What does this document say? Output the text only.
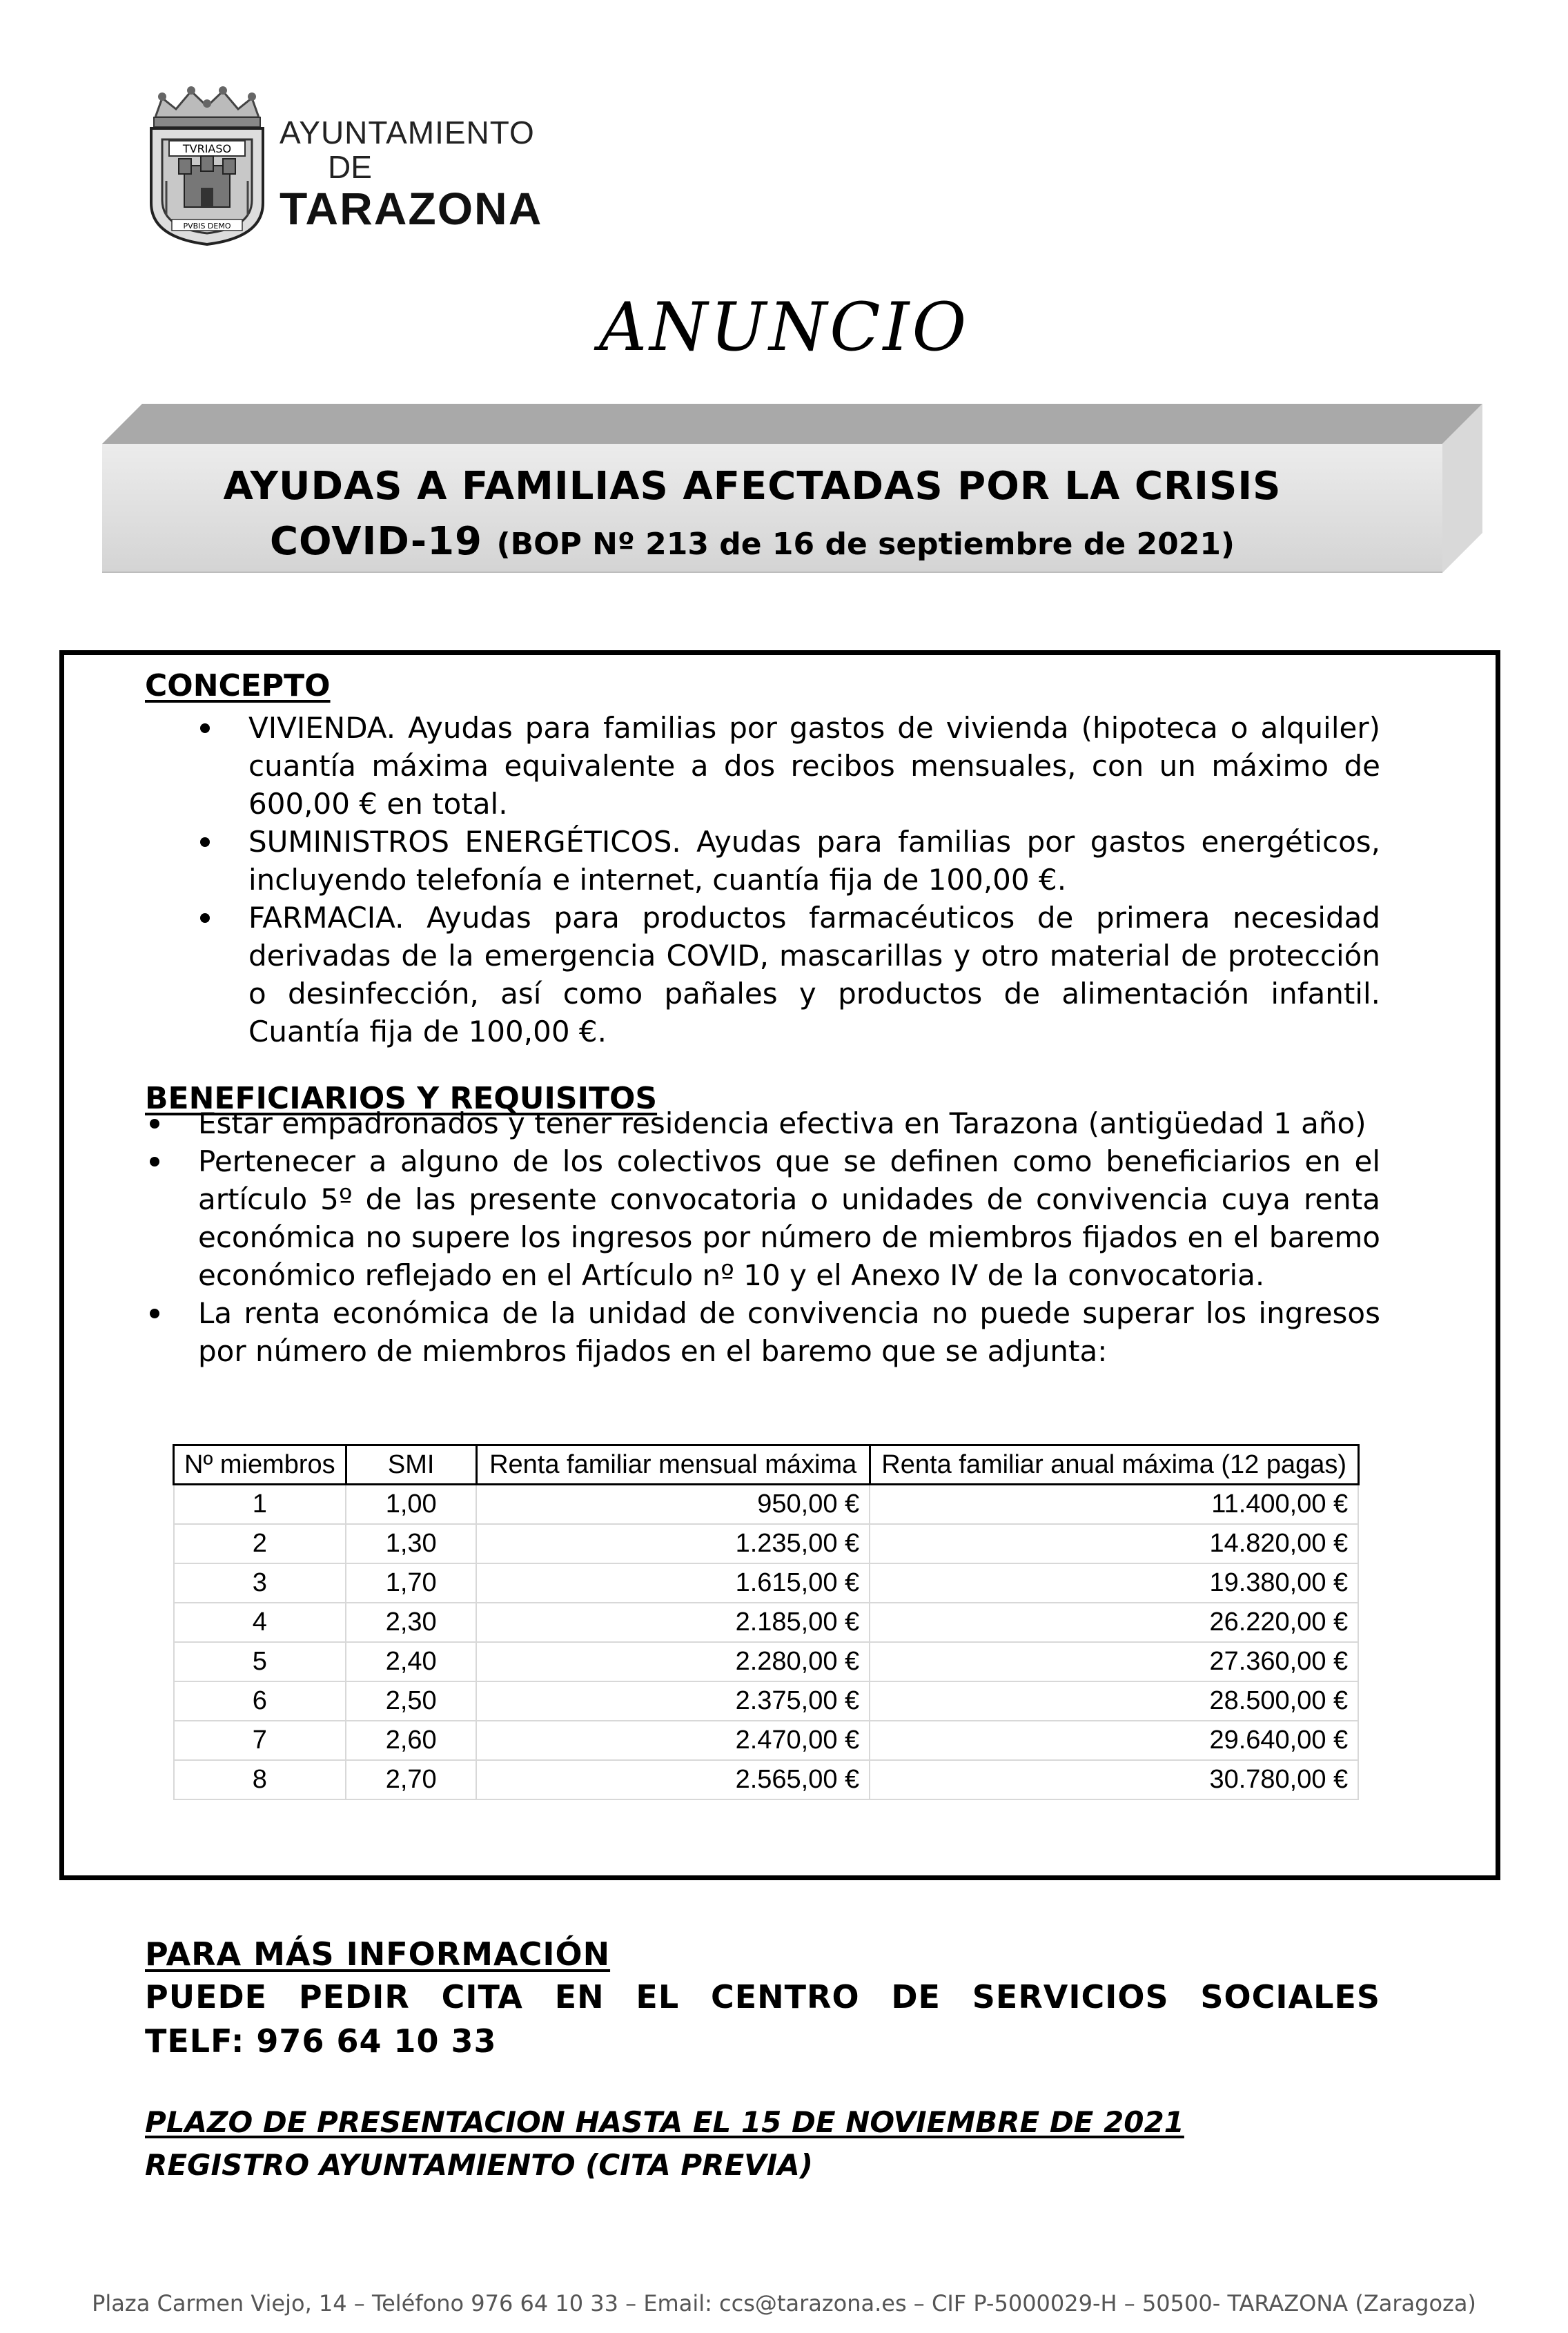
TVRIASO
PVBIS DEMO
AYUNTAMIENTO
DE
TARAZONA
ANUNCIO
AYUDAS A FAMILIAS AFECTADAS POR LA CRISIS
COVID-19 (BOP Nº 213 de 16 de septiembre de 2021)
CONCEPTO
VIVIENDA. Ayudas para familias por gastos de vivienda (hipoteca o alquiler) cuantía máxima equivalente a dos recibos mensuales, con un máximo de 600,00 € en total.
SUMINISTROS ENERGÉTICOS. Ayudas para familias por gastos energéticos, incluyendo telefonía e internet, cuantía fija de 100,00 €.
FARMACIA. Ayudas para productos farmacéuticos de primera necesidad derivadas de la emergencia COVID, mascarillas y otro material de protección o desinfección, así como pañales y productos de alimentación infantil. Cuantía fija de 100,00 €.
BENEFICIARIOS Y REQUISITOS
Estar empadronados y tener residencia efectiva en Tarazona (antigüedad 1 año)
Pertenecer a alguno de los colectivos que se definen como beneficiarios en el artículo 5º de las presente convocatoria o unidades de convivencia cuya renta económica no supere los ingresos por número de miembros fijados en el baremo económico reflejado en el Artículo nº 10 y el Anexo IV de la convocatoria.
La renta económica de la unidad de convivencia no puede superar los ingresos por número de miembros fijados en el baremo que se adjunta:
Nº miembros	SMI	Renta familiar mensual máxima	Renta familiar anual máxima (12 pagas)
1	1,00	950,00 €	11.400,00 €
2	1,30	1.235,00 €	14.820,00 €
3	1,70	1.615,00 €	19.380,00 €
4	2,30	2.185,00 €	26.220,00 €
5	2,40	2.280,00 €	27.360,00 €
6	2,50	2.375,00 €	28.500,00 €
7	2,60	2.470,00 €	29.640,00 €
8	2,70	2.565,00 €	30.780,00 €
PARA MÁS INFORMACIÓN
PUEDE PEDIR CITA EN EL CENTRO DE SERVICIOS SOCIALES
TELF: 976 64 10 33
PLAZO DE PRESENTACION HASTA EL 15 DE NOVIEMBRE DE 2021
REGISTRO AYUNTAMIENTO (CITA PREVIA)
Plaza Carmen Viejo, 14 – Teléfono 976 64 10 33 – Email: ccs@tarazona.es – CIF P-5000029-H – 50500- TARAZONA (Zaragoza)
